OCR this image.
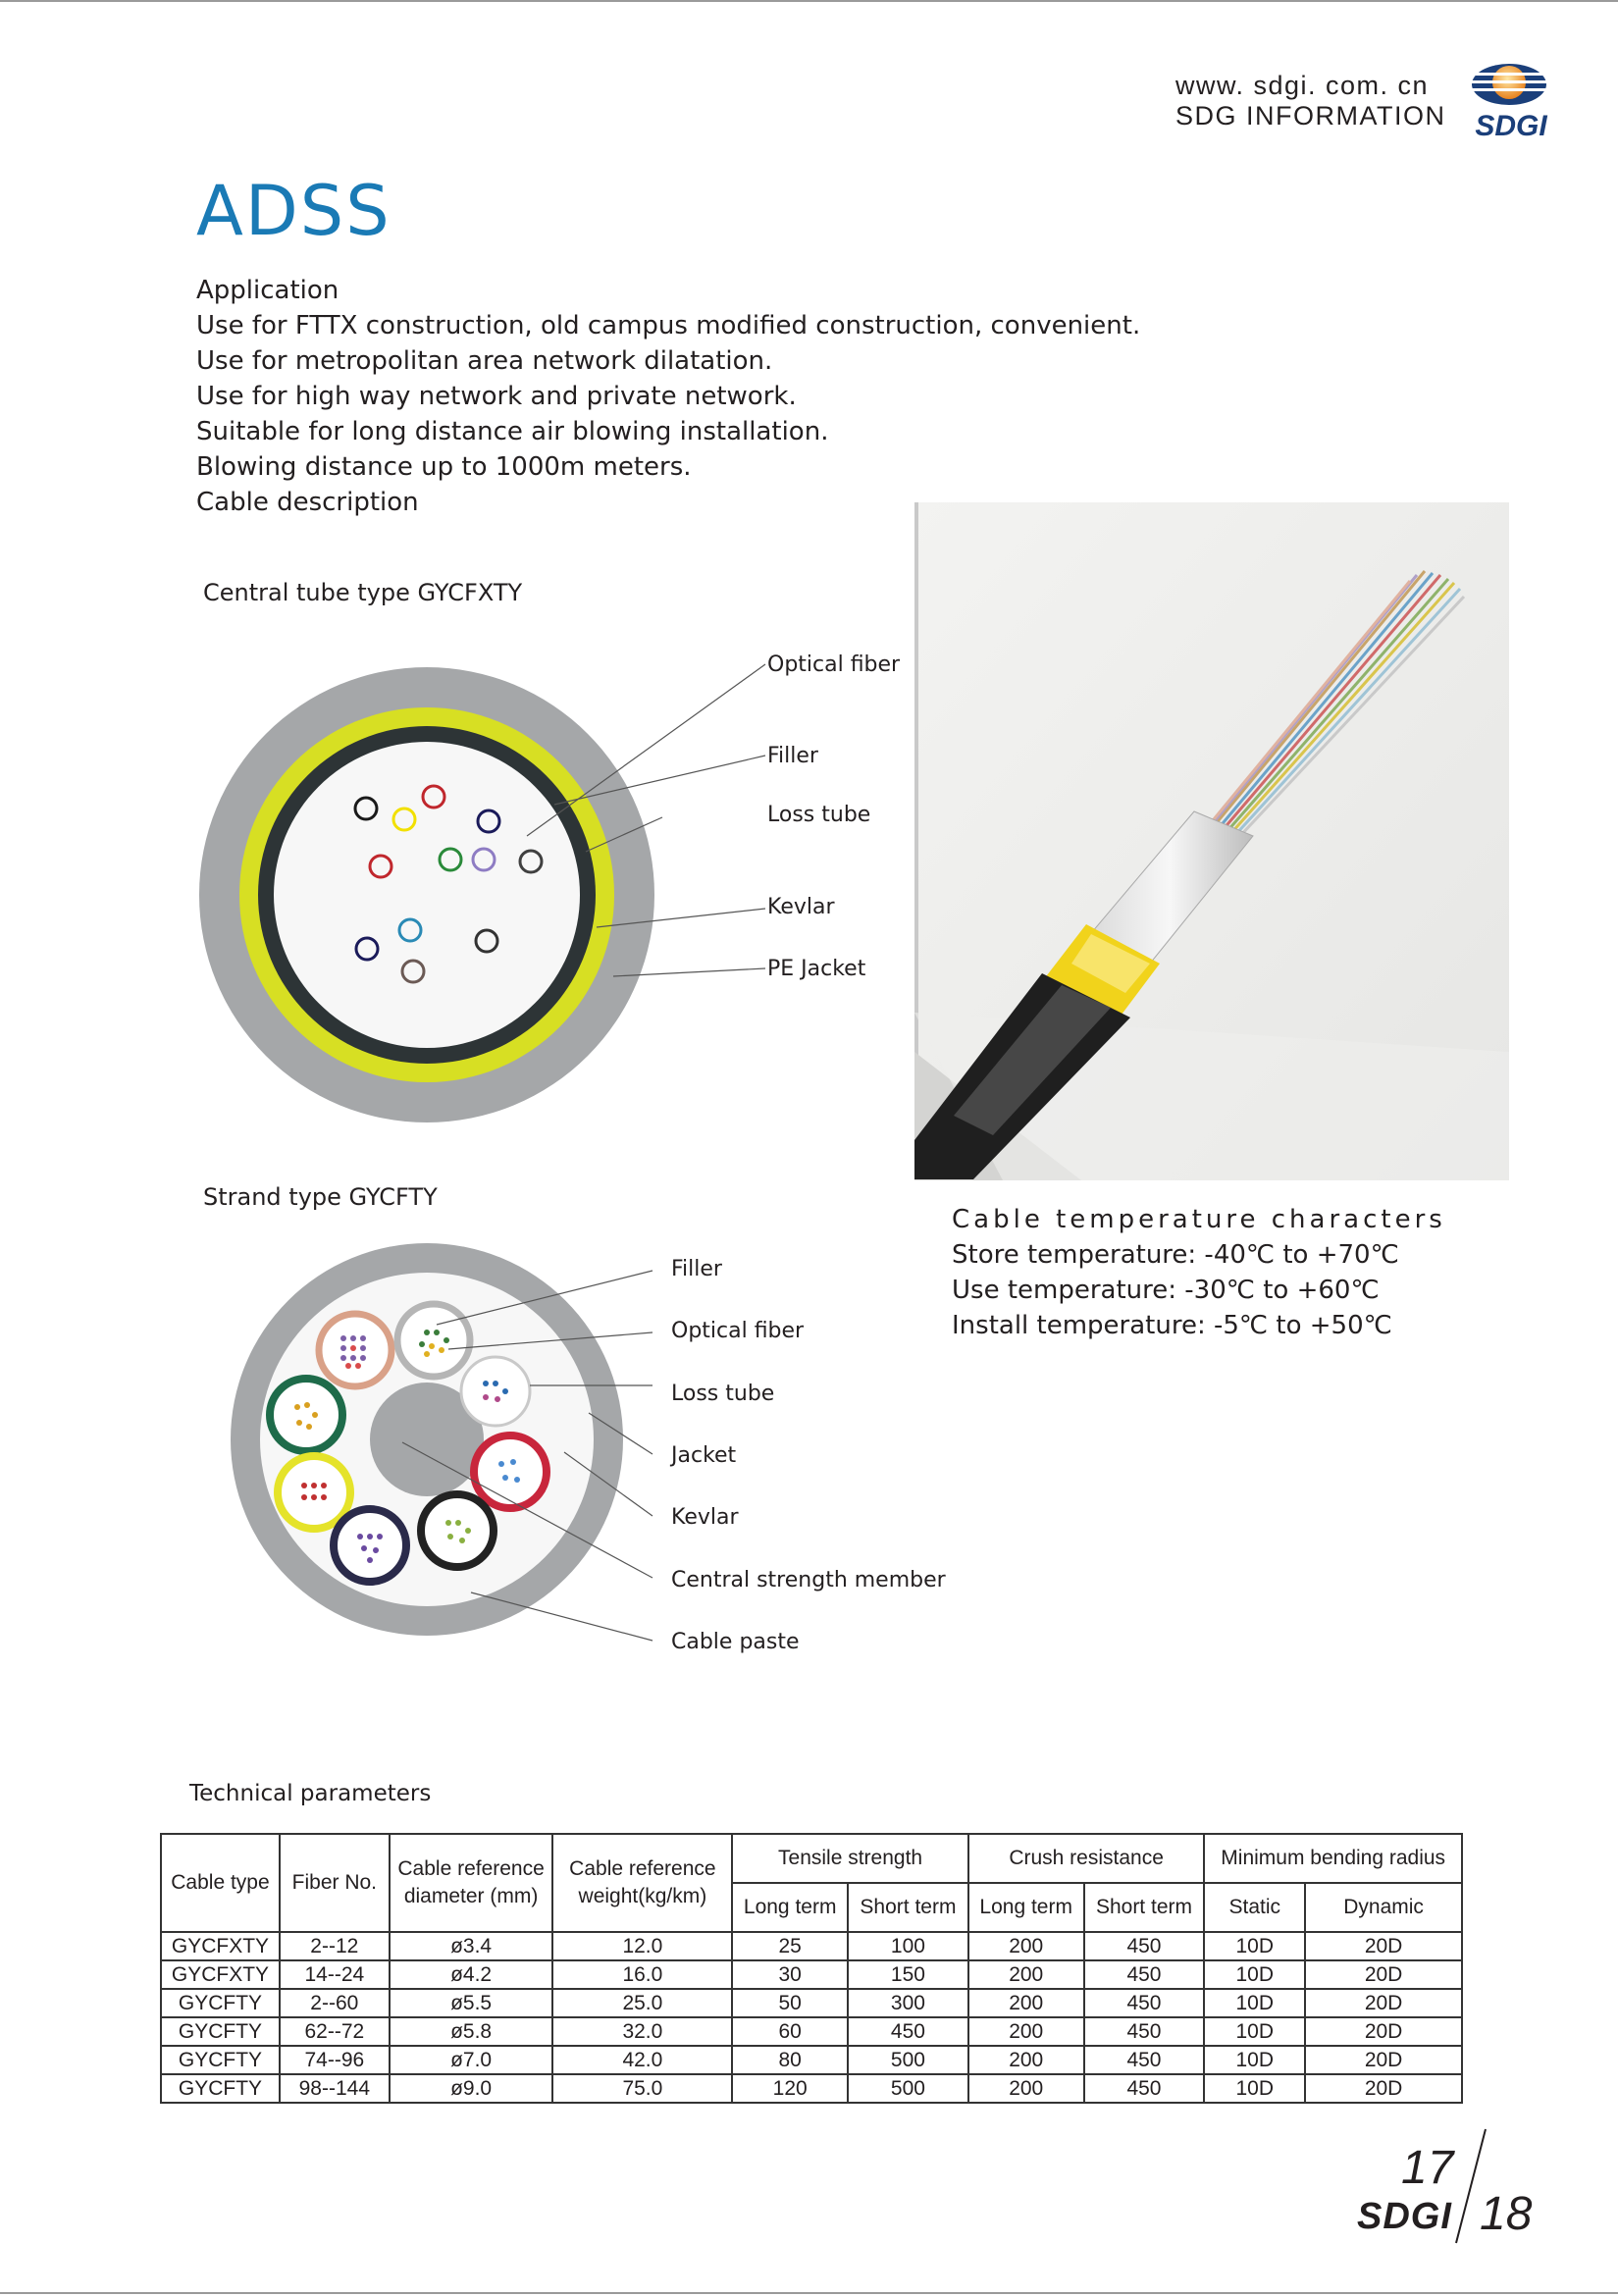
www. sdgi. com. cn
SDG INFORMATION SDGI
ADSS
Application
Use for FTTX construction, old campus modified construction, convenient.
Use for metropolitan area network dilatation.
Use for high way network and private network.
Suitable for long distance air blowing installation.
Blowing distance up to 1000m meters.
Cable description
Central tube type GYCFXTY
Optical fiber
Filler
Loss tube
Kevlar
PE Jacket
Cable temperature characters
Store temperature: -40℃ to +70℃
Use temperature: -30℃ to +60℃
Install temperature: -5℃ to +50℃
Strand type GYCFTY
Filler
Optical fiber
Loss tube
Jacket
Kevlar
Central strength member
Cable paste
Technical parameters
Cable type	Fiber No.	Cable reference diameter (mm)	Cable reference weight(kg/km)	Tensile strength		Crush resistance		Minimum bending radius	
				Long term	Short term	Long term	Short term	Static	Dynamic
GYCFXTY	2--12	ø3.4	12.0	25	100	200	450	10D	20D
GYCFXTY	14--24	ø4.2	16.0	30	150	200	450	10D	20D
GYCFTY	2--60	ø5.5	25.0	50	300	200	450	10D	20D
GYCFTY	62--72	ø5.8	32.0	60	450	200	450	10D	20D
GYCFTY	74--96	ø7.0	42.0	80	500	200	450	10D	20D
GYCFTY	98--144	ø9.0	75.0	120	500	200	450	10D	20D
17
18
SDGI
